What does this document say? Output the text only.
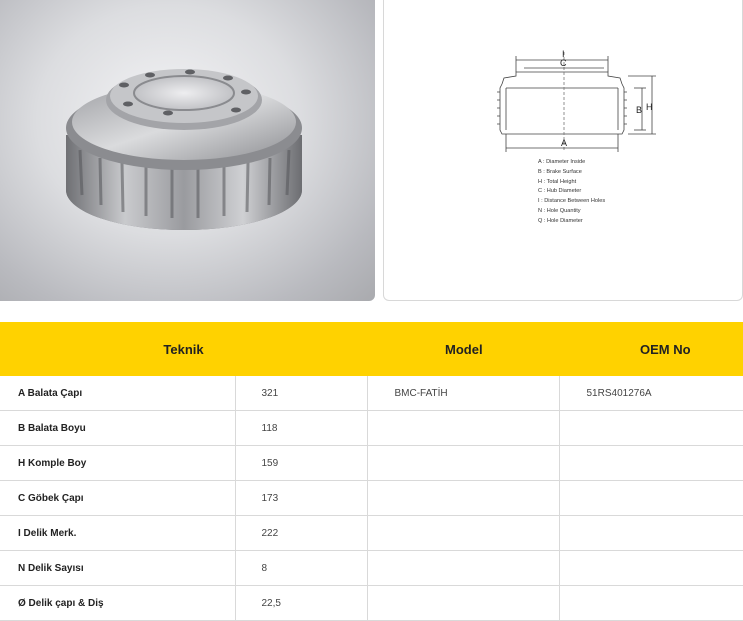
I
C
A
B H
A : Diameter Inside
B : Brake Surface
H : Total Height
C : Hub Diameter
I : Distance Between Holes
N : Hole Quantity
Q : Hole Diameter
Teknik		Model	OEM No
A Balata Çapı	321	BMC-FATİH	51RS401276A
B Balata Boyu	118		
H Komple Boy	159		
C Göbek Çapı	173		
I Delik Merk.	222		
N Delik Sayısı	8		
Ø Delik çapı & Diş	22,5		
